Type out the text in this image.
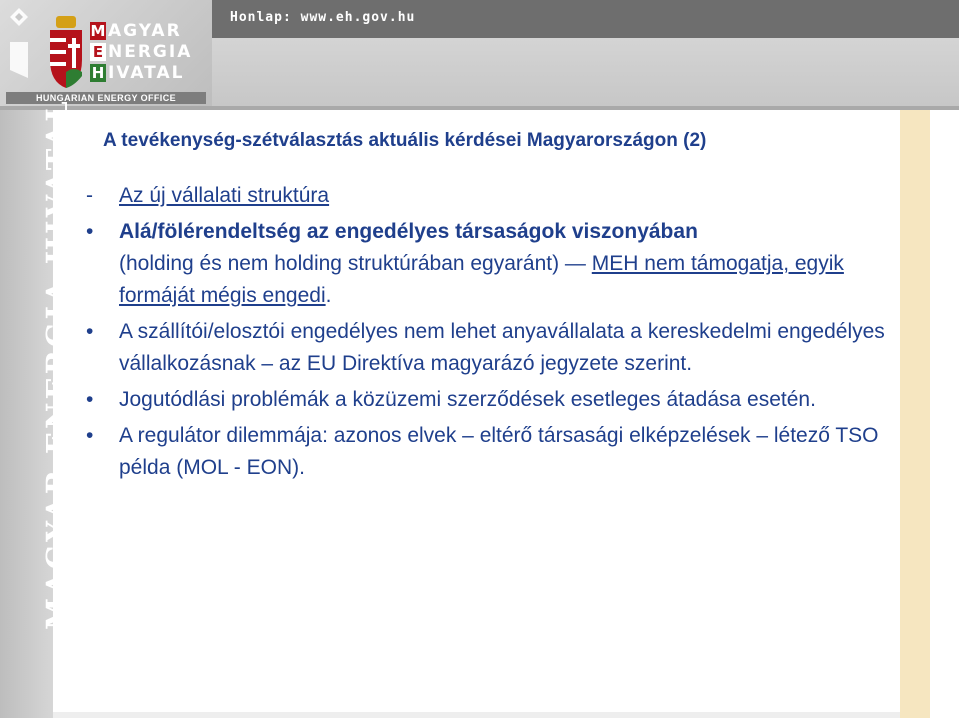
M AGYAR
E NERGIA
H IVATAL
HUNGARIAN ENERGY OFFICE
Honlap: www.eh.gov.hu
MAGYAR ENERGIA HIVATAL A tevékenység-szétválasztás aktuális kérdései Magyarországon (2)
-	Az új vállalati struktúra
•	Alá/fölérendeltség az engedélyes társaságok viszonyában
(holding és nem holding struktúrában egyaránt) — MEH nem támogatja, egyik formáját mégis engedi.
•	A szállítói/elosztói engedélyes nem lehet anyavállalata a kereskedelmi engedélyes vállalkozásnak – az EU Direktíva magyarázó jegyzete szerint.
•	Jogutódlási problémák a közüzemi szerződések esetleges átadása esetén.
•	A regulátor dilemmája: azonos elvek – eltérő társasági elképzelések – létező TSO példa (MOL - EON).
